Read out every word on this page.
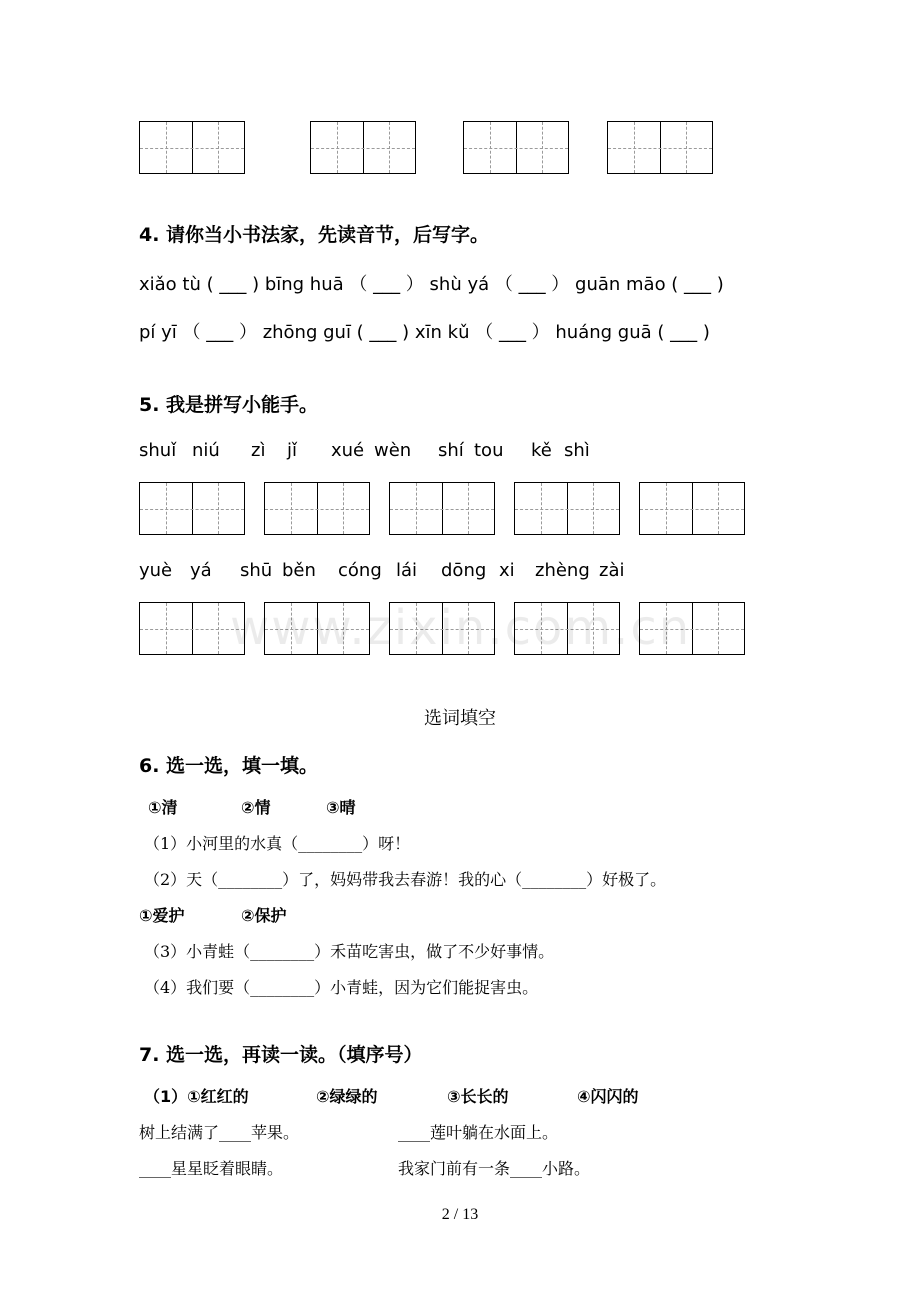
4. 请你当小书法家，先读音节，后写字。
xiǎo tù ( ___ ) bīng huā （ ___ ） shù yá （ ___ ） guān māo ( ___ )
pí yī （ ___ ） zhōng guī ( ___ ) xīn kǔ （ ___ ） huáng guā ( ___ )
5. 我是拼写小能手。
shuǐ niú zì jǐ xué wèn shí tou kě shì
yuè yá shū běn cóng lái dōng xi zhèng zài
www.zixin.com.cn
选词填空
6. 选一选，填一填。
①清	②情	③晴
（1）小河里的水真（________）呀！
（2）天（________）了，妈妈带我去春游！我的心（________）好极了。
①爱护	②保护
（3）小青蛙（________）禾苗吃害虫，做了不少好事情。
（4）我们要（________）小青蛙，因为它们能捉害虫。
7. 选一选，再读一读。（填序号）
（1）①红红的	②绿绿的	③长长的	④闪闪的
树上结满了____苹果。	____莲叶躺在水面上。
____星星眨着眼睛。	我家门前有一条____小路。
2 / 13
